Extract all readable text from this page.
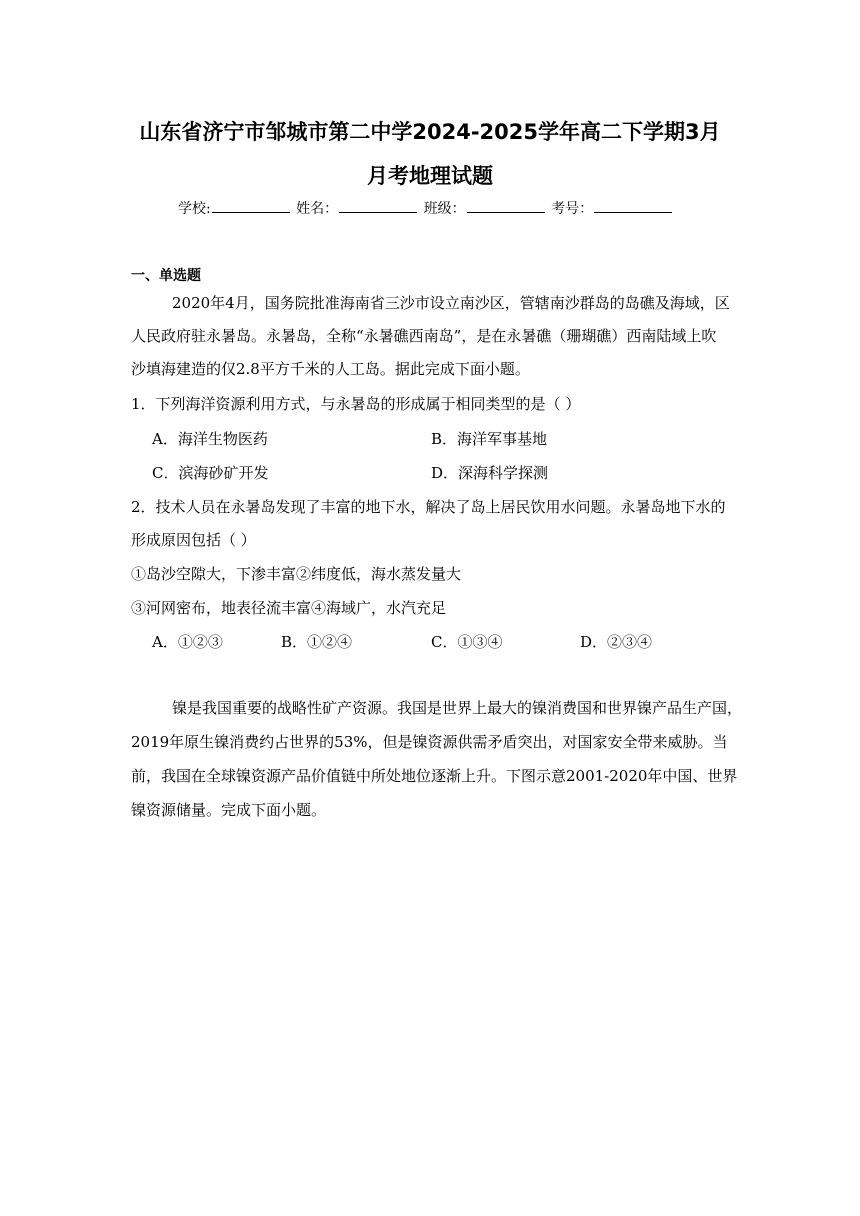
山东省济宁市邹城市第二中学2024-2025学年高二下学期3月
月考地理试题
学校:	姓名：	班级：	考号：
一、单选题
2020年4月，国务院批准海南省三沙市设立南沙区，管辖南沙群岛的岛礁及海域，区
人民政府驻永暑岛。永暑岛，全称“永暑礁西南岛”，是在永暑礁（珊瑚礁）西南陆域上吹
沙填海建造的仅2.8平方千米的人工岛。据此完成下面小题。
1．下列海洋资源利用方式，与永暑岛的形成属于相同类型的是（ ）
A．海洋生物医药	B．海洋军事基地
C．滨海砂矿开发	D．深海科学探测
2．技术人员在永暑岛发现了丰富的地下水，解决了岛上居民饮用水问题。永暑岛地下水的
形成原因包括（ ）
①岛沙空隙大，下渗丰富②纬度低，海水蒸发量大
③河网密布，地表径流丰富④海域广，水汽充足
A．①②③	B．①②④	C．①③④	D．②③④
镍是我国重要的战略性矿产资源。我国是世界上最大的镍消费国和世界镍产品生产国，
2019年原生镍消费约占世界的53%，但是镍资源供需矛盾突出，对国家安全带来威胁。当
前，我国在全球镍资源产品价值链中所处地位逐渐上升。下图示意2001-2020年中国、世界
镍资源储量。完成下面小题。
